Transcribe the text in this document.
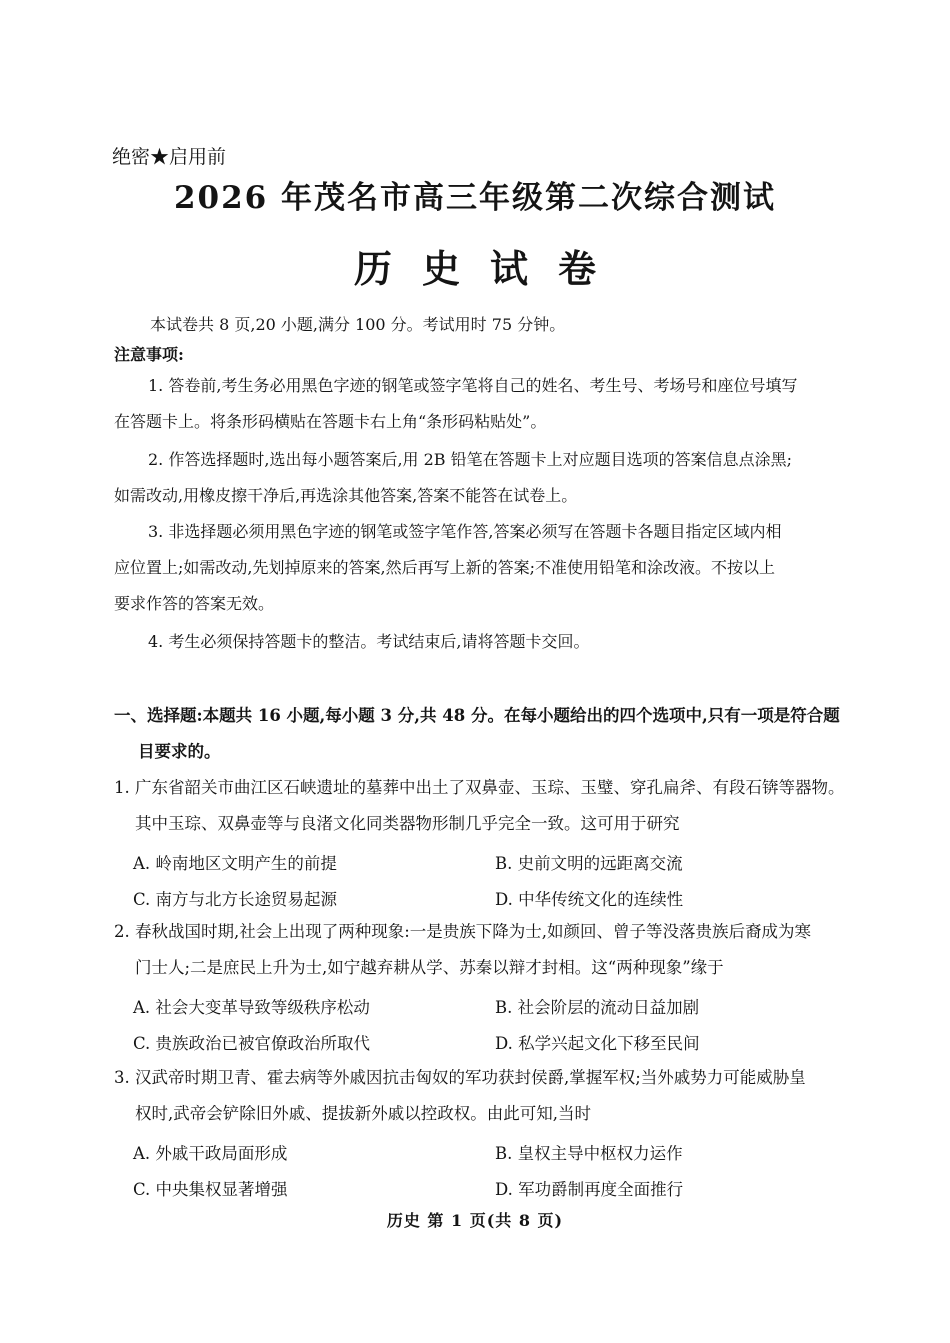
绝密★启用前
2026 年茂名市高三年级第二次综合测试
历史试卷
本试卷共 8 页,20 小题,满分 100 分。考试用时 75 分钟。
注意事项:
1. 答卷前,考生务必用黑色字迹的钢笔或签字笔将自己的姓名、考生号、考场号和座位号填写
在答题卡上。将条形码横贴在答题卡右上角“条形码粘贴处”。
2. 作答选择题时,选出每小题答案后,用 2B 铅笔在答题卡上对应题目选项的答案信息点涂黑;
如需改动,用橡皮擦干净后,再选涂其他答案,答案不能答在试卷上。
3. 非选择题必须用黑色字迹的钢笔或签字笔作答,答案必须写在答题卡各题目指定区域内相
应位置上;如需改动,先划掉原来的答案,然后再写上新的答案;不准使用铅笔和涂改液。不按以上
要求作答的答案无效。
4. 考生必须保持答题卡的整洁。考试结束后,请将答题卡交回。
一、选择题:本题共 16 小题,每小题 3 分,共 48 分。在每小题给出的四个选项中,只有一项是符合题
目要求的。
1. 广东省韶关市曲江区石峡遗址的墓葬中出土了双鼻壶、玉琮、玉璧、穿孔扁斧、有段石锛等器物。
其中玉琮、双鼻壶等与良渚文化同类器物形制几乎完全一致。这可用于研究
A. 岭南地区文明产生的前提	B. 史前文明的远距离交流
C. 南方与北方长途贸易起源	D. 中华传统文化的连续性
2. 春秋战国时期,社会上出现了两种现象:一是贵族下降为士,如颜回、曾子等没落贵族后裔成为寒
门士人;二是庶民上升为士,如宁越弃耕从学、苏秦以辩才封相。这“两种现象”缘于
A. 社会大变革导致等级秩序松动	B. 社会阶层的流动日益加剧
C. 贵族政治已被官僚政治所取代	D. 私学兴起文化下移至民间
3. 汉武帝时期卫青、霍去病等外戚因抗击匈奴的军功获封侯爵,掌握军权;当外戚势力可能威胁皇
权时,武帝会铲除旧外戚、提拔新外戚以控政权。由此可知,当时
A. 外戚干政局面形成	B. 皇权主导中枢权力运作
C. 中央集权显著增强	D. 军功爵制再度全面推行
历史 第 1 页(共 8 页)
